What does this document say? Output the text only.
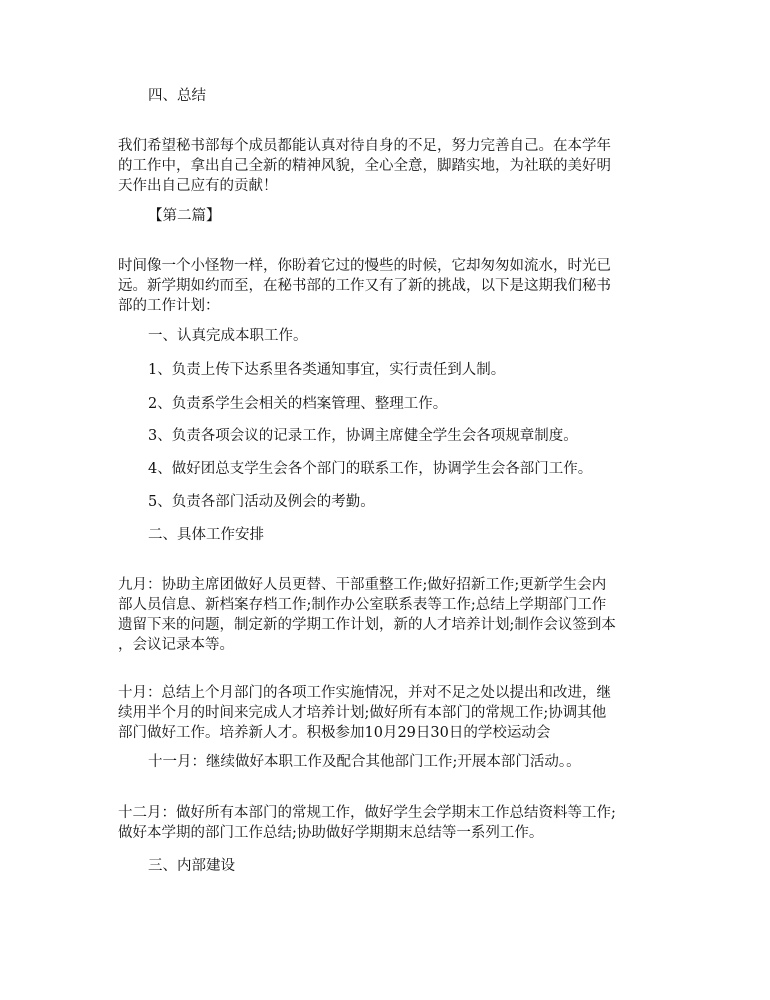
四、总结

我们希望秘书部每个成员都能认真对待自身的不足，努力完善自己。在本学年
的工作中，拿出自己全新的精神风貌，全心全意，脚踏实地，为社联的美好明
天作出自己应有的贡献！

【第二篇】

时间像一个小怪物一样，你盼着它过的慢些的时候，它却匆匆如流水，时光已
远。新学期如约而至，在秘书部的工作又有了新的挑战，以下是这期我们秘书
部的工作计划：

一、认真完成本职工作。

1、负责上传下达系里各类通知事宜，实行责任到人制。

2、负责系学生会相关的档案管理、整理工作。

3、负责各项会议的记录工作，协调主席健全学生会各项规章制度。

4、做好团总支学生会各个部门的联系工作，协调学生会各部门工作。

5、负责各部门活动及例会的考勤。

二、具体工作安排

九月：协助主席团做好人员更替、干部重整工作;做好招新工作;更新学生会内
部人员信息、新档案存档工作;制作办公室联系表等工作;总结上学期部门工作
遗留下来的问题，制定新的学期工作计划，新的人才培养计划;制作会议签到本
，会议记录本等。
十月：总结上个月部门的各项工作实施情况，并对不足之处以提出和改进，继
续用半个月的时间来完成人才培养计划;做好所有本部门的常规工作;协调其他
部门做好工作。培养新人才。积极参加10月29日30日的学校运动会

十一月：继续做好本职工作及配合其他部门工作;开展本部门活动。。

十二月：做好所有本部门的常规工作，做好学生会学期末工作总结资料等工作;
做好本学期的部门工作总结;协助做好学期期末总结等一系列工作。

三、内部建设
